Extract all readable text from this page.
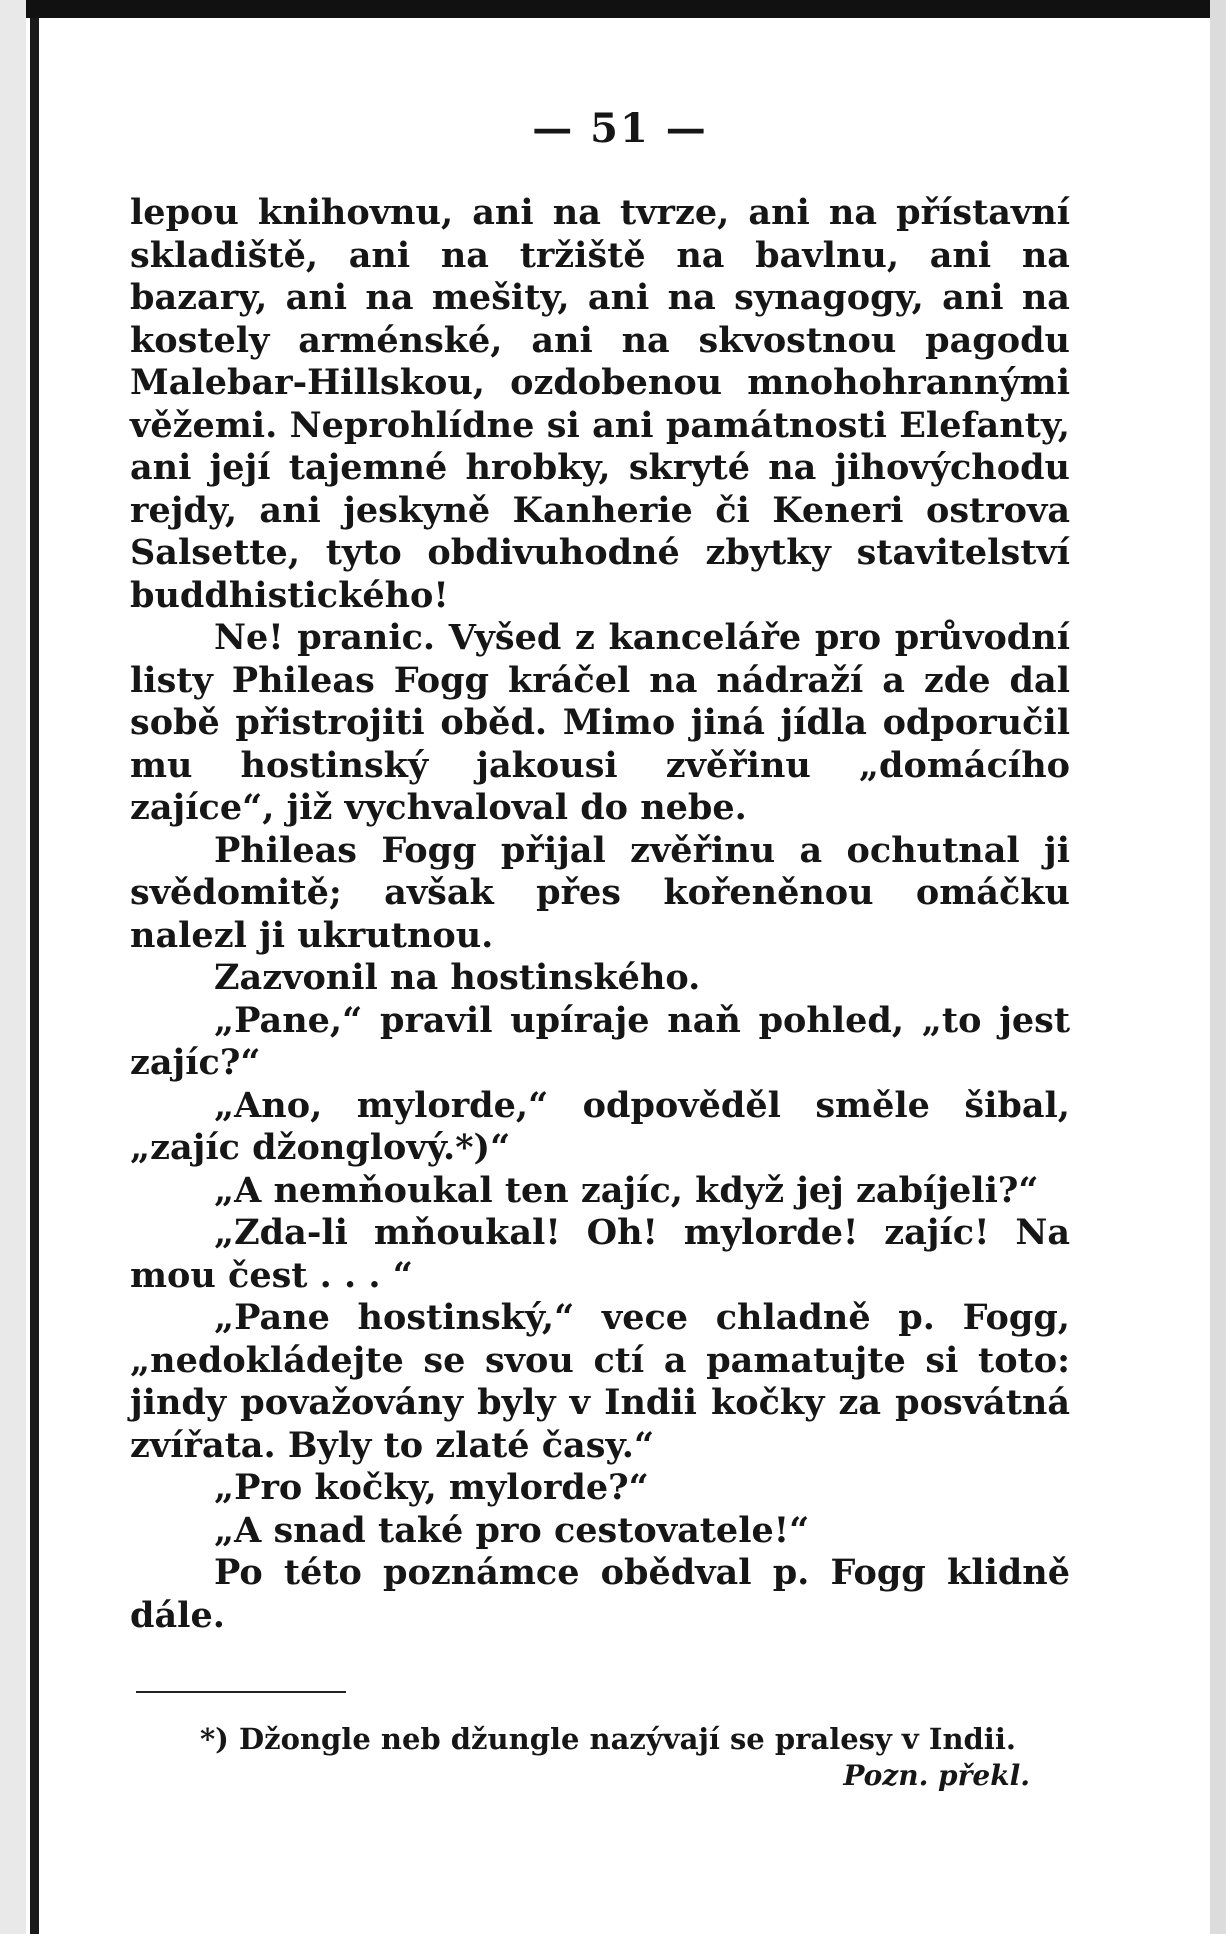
— 51 —

lepou knihovnu, ani na tvrze, ani na přístavní skladiště, ani na tržiště na bavlnu, ani na bazary, ani na mešity, ani na synagogy, ani na kostely arménské, ani na skvostnou pagodu Malebar-Hillskou, ozdobenou mnohohrannými věžemi. Neprohlídne si ani památnosti Elefanty, ani její tajemné hrobky, skryté na jihovýchodu rejdy, ani jeskyně Kanherie či Keneri ostrova Salsette, tyto obdivuhodné zbytky stavitelství buddhistického!

Ne! pranic. Vyšed z kanceláře pro průvodní listy Phileas Fogg kráčel na nádraží a zde dal sobě přistrojiti oběd. Mimo jiná jídla odporučil mu hostinský jakousi zvěřinu „domácího zajíce“, již vychvaloval do nebe.

Phileas Fogg přijal zvěřinu a ochutnal ji svědomitě; avšak přes kořeněnou omáčku nalezl ji ukrutnou.

Zazvonil na hostinského.

„Pane,“ pravil upíraje naň pohled, „to jest zajíc?“

„Ano, mylorde,“ odpověděl směle šibal, „zajíc džonglový.*)“

„A nemňoukal ten zajíc, když jej zabíjeli?“

„Zda-li mňoukal! Oh! mylorde! zajíc! Na mou čest . . . “

„Pane hostinský,“ vece chladně p. Fogg, „nedokládejte se svou ctí a pamatujte si toto: jindy považovány byly v Indii kočky za posvátná zvířata. Byly to zlaté časy.“

„Pro kočky, mylorde?“

„A snad také pro cestovatele!“

Po této poznámce obědval p. Fogg klidně dále.

*) Džongle neb džungle nazývají se pralesy v Indii.
Pozn. překl.
